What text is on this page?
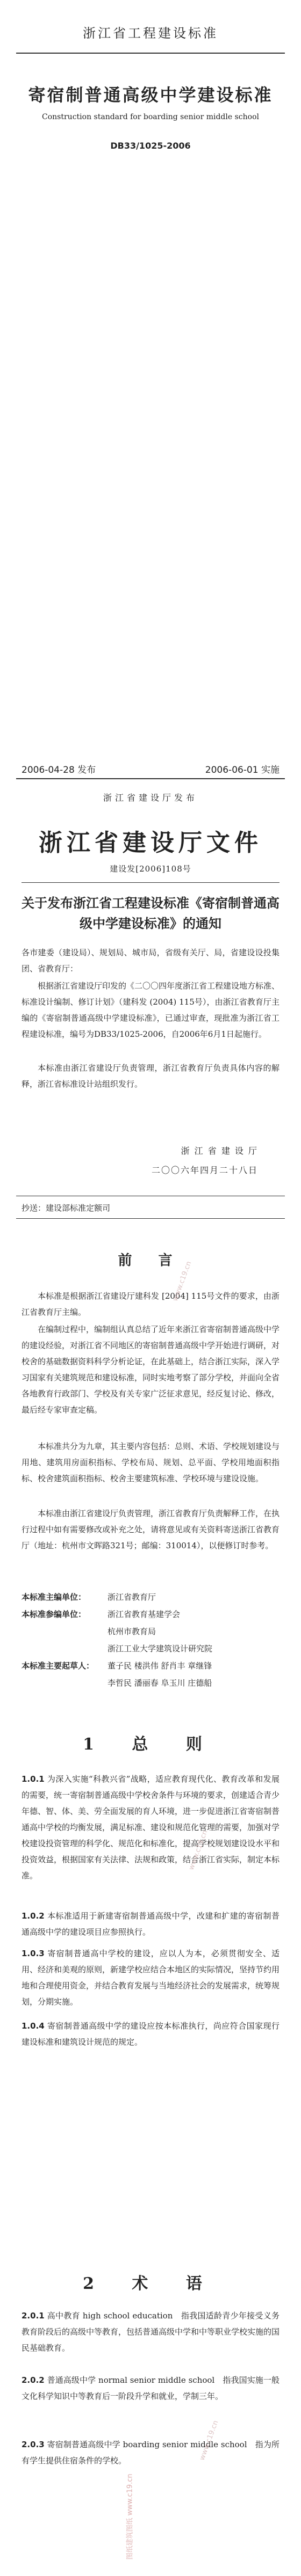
浙江省工程建设标准
寄宿制普通高级中学建设标准
Construction standard for boarding senior middle school
DB33/1025-2006
2006-04-28 发布	2006-06-01 实施
浙江省建设厅发布
浙江省建设厅文件
建设发[2006]108号
关于发布浙江省工程建设标准《寄宿制普通高级中学建设标准》的通知
各市建委（建设局）、规划局、城市局，省级有关厅、局，省建设设投集团、省教育厅：
根据浙江省建设厅印发的《二〇〇四年度浙江省工程建设地方标准、标准设计编制、修订计划》（建科发 (2004) 115号），由浙江省教育厅主编的《寄宿制普通高级中学建设标准》，已通过审查，现批准为浙江省工程建设标准，编号为DB33/1025-2006，自2006年6月1日起施行。
本标准由浙江省建设厅负责管理，浙江省教育厅负责具体内容的解释，浙江省标准设计站组织发行。
浙 江 省 建 设 厅
二〇〇六年四月二十八日
抄送：建设部标准定额司
前 言
本标准是根据浙江省建设厅建科发 [2004] 115号文件的要求，由浙江省教育厅主编。
在编制过程中，编制组认真总结了近年来浙江省寄宿制普通高级中学的建设经验，对浙江省不同地区的寄宿制普通高级中学开始进行调研，对校舍的基础数据资料科学分析论证，在此基础上，结合浙江实际，深入学习国家有关建筑规范和建设标准，同时实地考察了部分学校，并面向全省各地教育行政部门、学校及有关专家广泛征求意见，经反复讨论、修改，最后经专家审查定稿。
本标准共分为九章，其主要内容包括：总则、术语、学校规划建设与用地、建筑用房面积指标、学校布局、规划、总平面、学校用地面积指标、校舍建筑面积指标、校舍主要建筑标准、学校环境与建设设施。
本标准由浙江省建设厅负责管理，浙江省教育厅负责解释工作，在执行过程中如有需要修改或补充之处，请将意见或有关资料寄送浙江省教育厅（地址：杭州市文晖路321号；邮编：310014），以便修订时参考。
本标准主编单位：	浙江省教育厅
本标准参编单位：	浙江省教育基建学会
杭州市教育局
浙江工业大学建筑设计研究院
本标准主要起草人： 董子民 楼洪伟 舒肖丰 章继锋
李哲民 潘丽春 阜玉川 庄德船
1 总 则
1.0.1 为深入实施“科教兴省”战略，适应教育现代化、教育改革和发展的需要，统一寄宿制普通高级中学校舍条件与环境的要求，创建适合青少年德、智、体、美、劳全面发展的育人环境，进一步促进浙江省寄宿制普通高中学校的均衡发展，满足标准、建设和规范化管理的需要，加强对学校建设投资管理的科学化、规范化和标准化，提高学校规划建设设水平和投资效益，根据国家有关法律、法规和政策，结合浙江省实际，制定本标准。
1.0.2 本标准适用于新建寄宿制普通高级中学，改建和扩建的寄宿制普通高级中学的建设项目应参照执行。
1.0.3 寄宿制普通高中学校的建设，应以人为本，必须贯彻安全、适用、经济和美观的原则，新建学校应结合本地区的实际情况，坚持节约用地和合理使用资金，并结合教育发展与当地经济社会的发展需求，统筹规划，分期实施。
1.0.4 寄宿制普通高级中学的建设应按本标准执行，尚应符合国家现行建设标准和建筑设计规范的规定。
2 术 语
2.0.1 高中教育 high school education　指我国适龄青少年接受义务教育阶段后的高级中等教育，包括普通高级中学和中等职业学校实施的国民基础教育。
2.0.2 普通高级中学 normal senior middle school　指我国实施一般文化科学知识中等教育后一阶段升学和就业，学制三年。
2.0.3 寄宿制普通高级中学 boarding senior middle school　指为所有学生提供住宿条件的学校。
www.c19.cn
www.c19.cn
www.c19.cn
图纸建筑图纸 www.c19.cn
